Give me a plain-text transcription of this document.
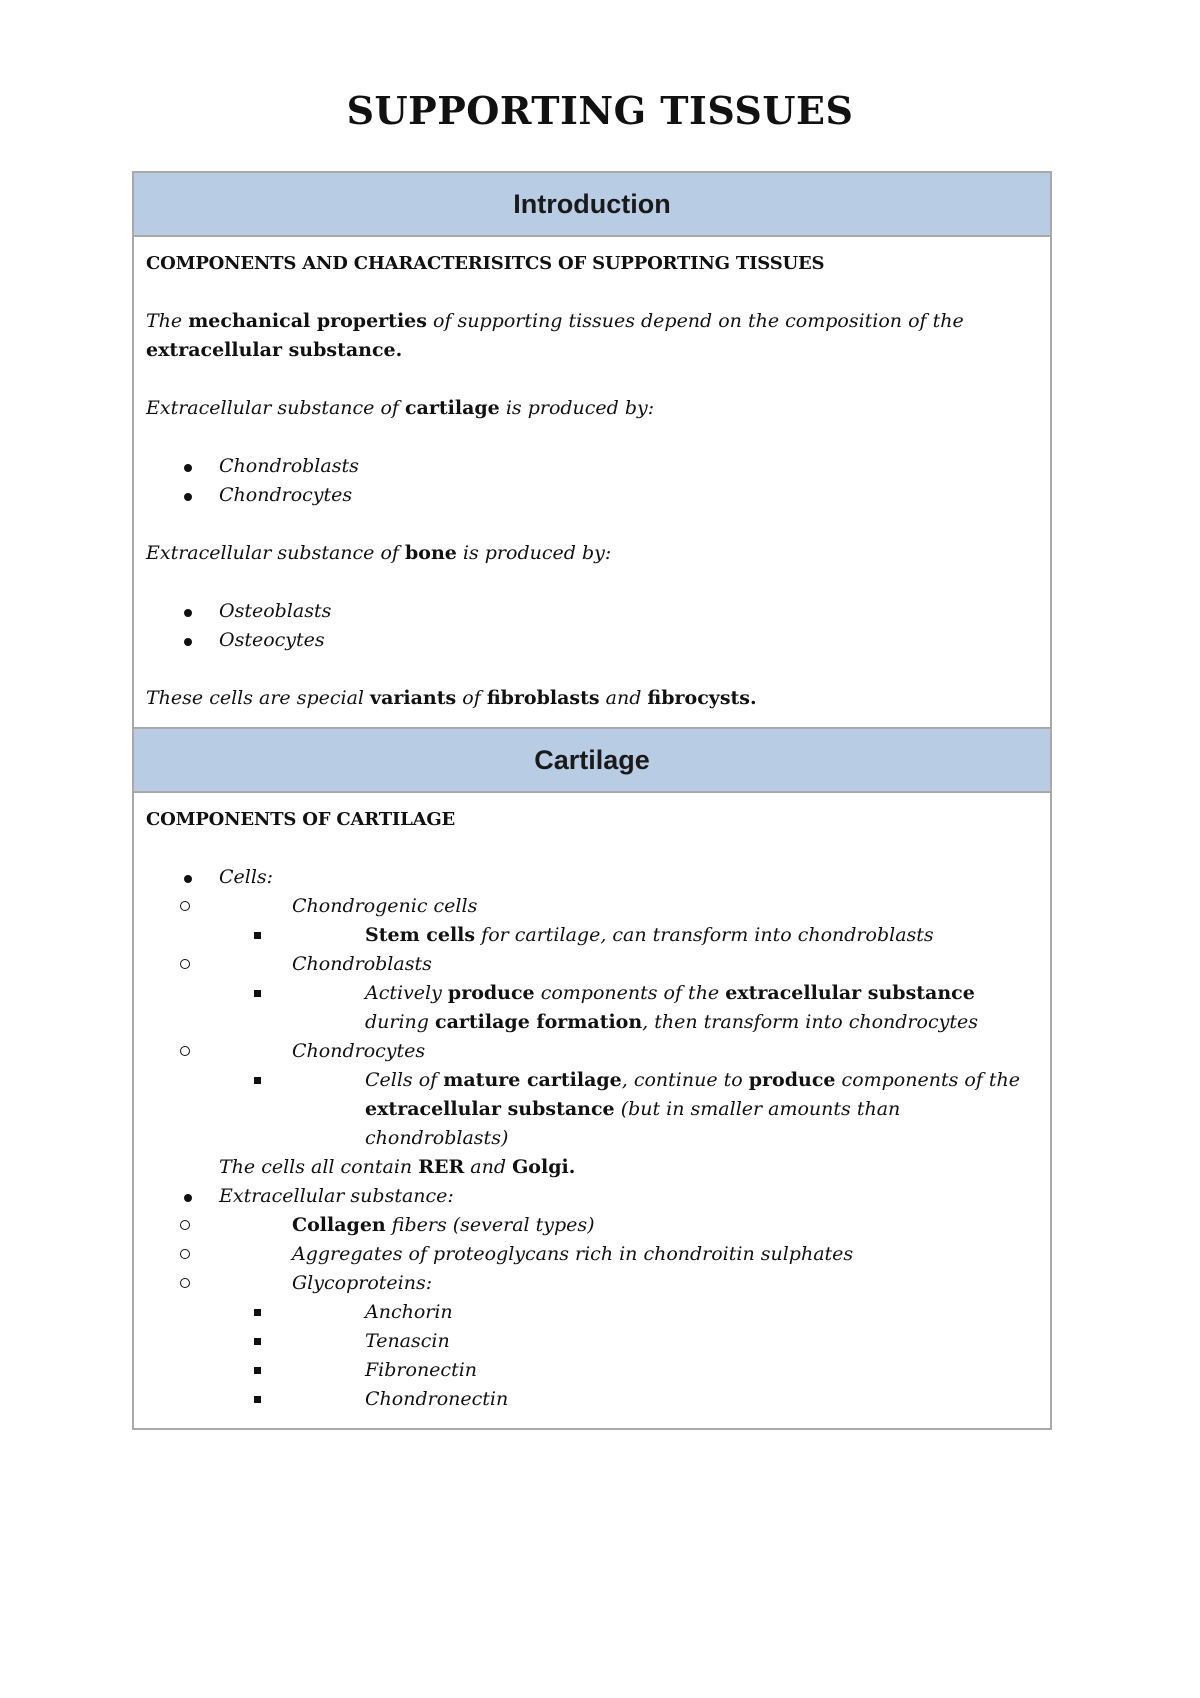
SUPPORTING TISSUES
Introduction

COMPONENTS AND CHARACTERISITCS OF SUPPORTING TISSUES

The mechanical properties of supporting tissues depend on the composition of the extracellular substance.

Extracellular substance of cartilage is produced by:

Chondroblasts
Chondrocytes

Extracellular substance of bone is produced by:

Osteoblasts
Osteocytes

These cells are special variants of fibroblasts and fibrocysts.

Cartilage

COMPONENTS OF CARTILAGE

Cells:
Chondrogenic cells
Stem cells for cartilage, can transform into chondroblasts
Chondroblasts
Actively produce components of the extracellular substance during cartilage formation, then transform into chondrocytes
Chondrocytes
Cells of mature cartilage, continue to produce components of the extracellular substance (but in smaller amounts than chondroblasts)

The cells all contain RER and Golgi.

Extracellular substance:
Collagen fibers (several types)
Aggregates of proteoglycans rich in chondroitin sulphates
Glycoproteins:
Anchorin
Tenascin
Fibronectin
Chondronectin
